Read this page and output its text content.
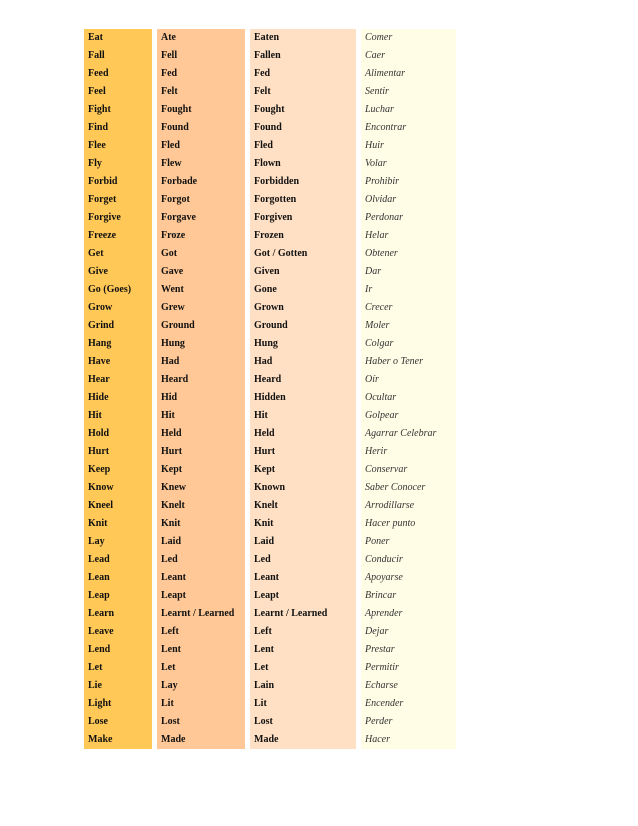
Eat		Ate		Eaten		Comer
Fall		Fell		Fallen		Caer
Feed		Fed		Fed		Alimentar
Feel		Felt		Felt		Sentir
Fight		Fought		Fought		Luchar
Find		Found		Found		Encontrar
Flee		Fled		Fled		Huir
Fly		Flew		Flown		Volar
Forbid		Forbade		Forbidden		Prohibir
Forget		Forgot		Forgotten		Olvidar
Forgive		Forgave		Forgiven		Perdonar
Freeze		Froze		Frozen		Helar
Get		Got		Got / Gotten		Obtener
Give		Gave		Given		Dar
Go (Goes)		Went		Gone		Ir
Grow		Grew		Grown		Crecer
Grind		Ground		Ground		Moler
Hang		Hung		Hung		Colgar
Have		Had		Had		Haber o Tener
Hear		Heard		Heard		Oír
Hide		Hid		Hidden		Ocultar
Hit		Hit		Hit		Golpear
Hold		Held		Held		Agarrar Celebrar
Hurt		Hurt		Hurt		Herir
Keep		Kept		Kept		Conservar
Know		Knew		Known		Saber Conocer
Kneel		Knelt		Knelt		Arrodillarse
Knit		Knit		Knit		Hacer punto
Lay		Laid		Laid		Poner
Lead		Led		Led		Conducir
Lean		Leant		Leant		Apoyarse
Leap		Leapt		Leapt		Brincar
Learn		Learnt / Learned		Learnt / Learned		Aprender
Leave		Left		Left		Dejar
Lend		Lent		Lent		Prestar
Let		Let		Let		Permitir
Lie		Lay		Lain		Echarse
Light		Lit		Lit		Encender
Lose		Lost		Lost		Perder
Make		Made		Made		Hacer
